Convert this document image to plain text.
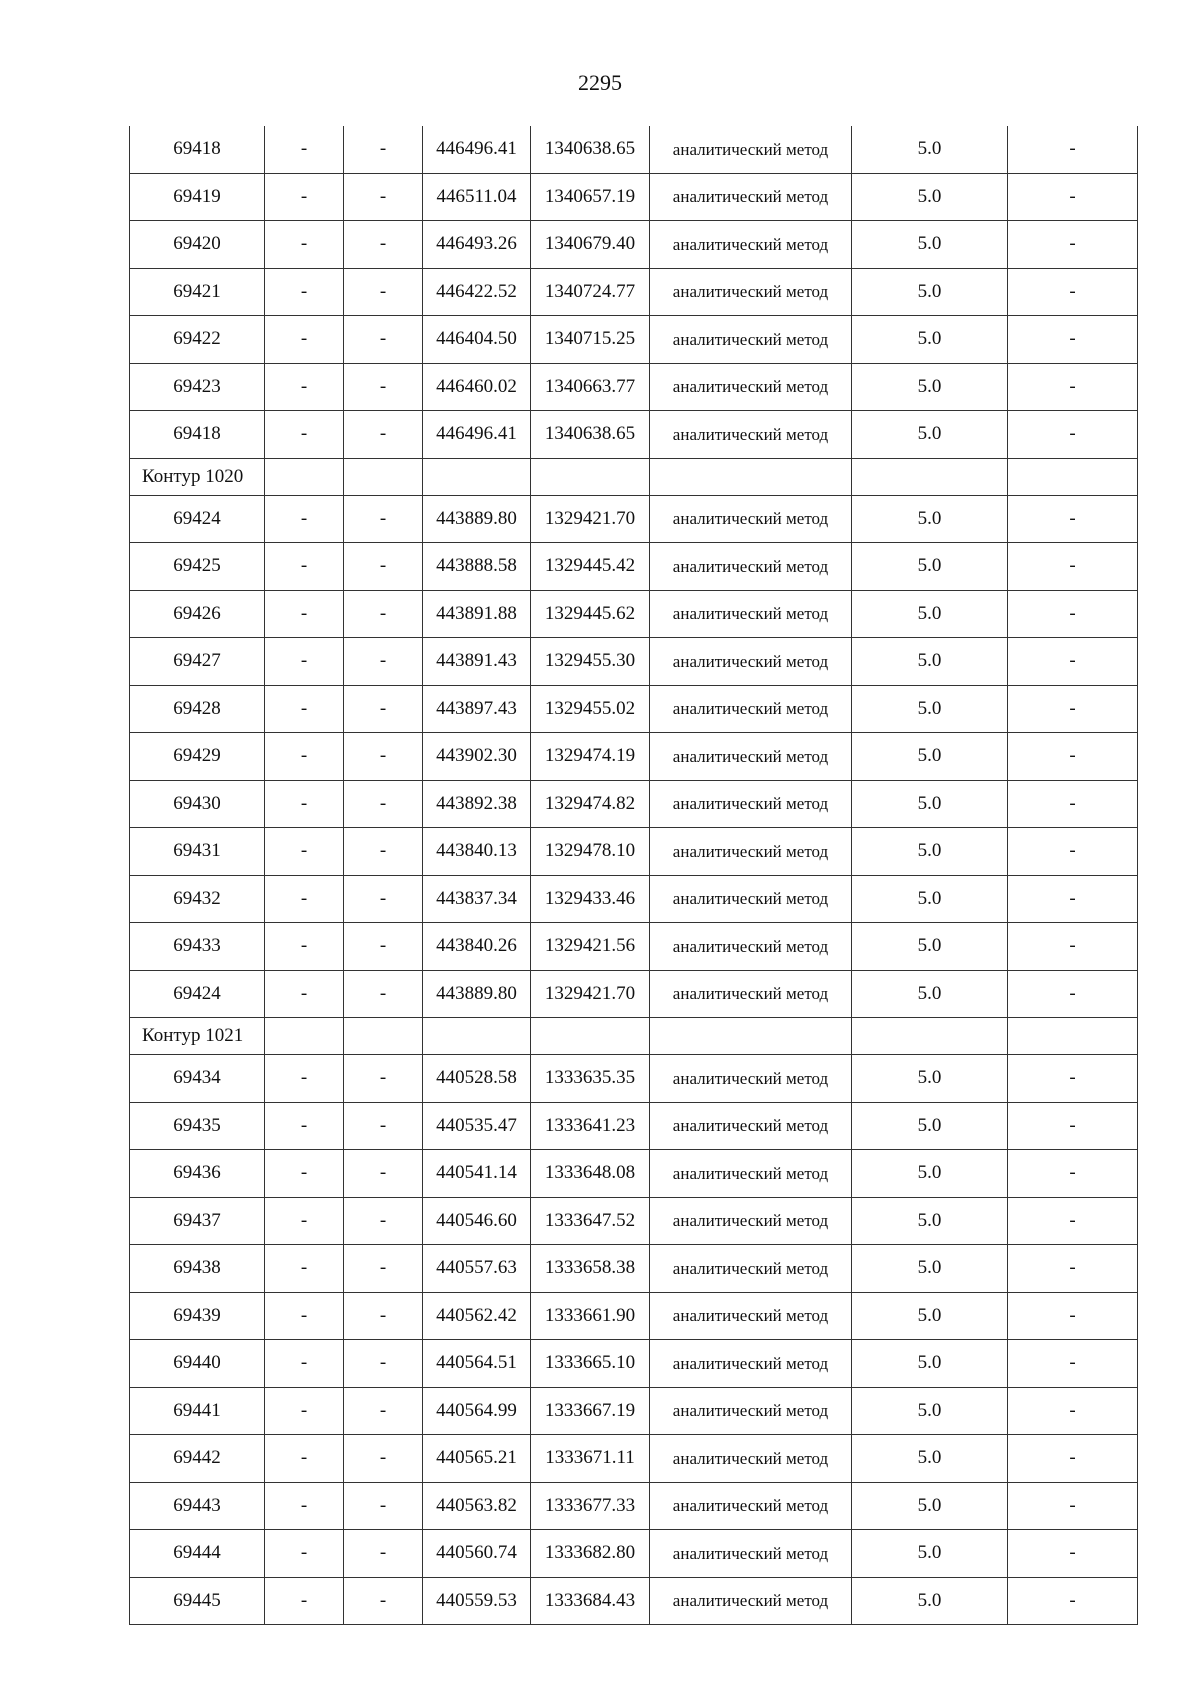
2295
69418	-	-	446496.41	1340638.65	аналитический метод	5.0	-
69419	-	-	446511.04	1340657.19	аналитический метод	5.0	-
69420	-	-	446493.26	1340679.40	аналитический метод	5.0	-
69421	-	-	446422.52	1340724.77	аналитический метод	5.0	-
69422	-	-	446404.50	1340715.25	аналитический метод	5.0	-
69423	-	-	446460.02	1340663.77	аналитический метод	5.0	-
69418	-	-	446496.41	1340638.65	аналитический метод	5.0	-
Контур 1020							
69424	-	-	443889.80	1329421.70	аналитический метод	5.0	-
69425	-	-	443888.58	1329445.42	аналитический метод	5.0	-
69426	-	-	443891.88	1329445.62	аналитический метод	5.0	-
69427	-	-	443891.43	1329455.30	аналитический метод	5.0	-
69428	-	-	443897.43	1329455.02	аналитический метод	5.0	-
69429	-	-	443902.30	1329474.19	аналитический метод	5.0	-
69430	-	-	443892.38	1329474.82	аналитический метод	5.0	-
69431	-	-	443840.13	1329478.10	аналитический метод	5.0	-
69432	-	-	443837.34	1329433.46	аналитический метод	5.0	-
69433	-	-	443840.26	1329421.56	аналитический метод	5.0	-
69424	-	-	443889.80	1329421.70	аналитический метод	5.0	-
Контур 1021							
69434	-	-	440528.58	1333635.35	аналитический метод	5.0	-
69435	-	-	440535.47	1333641.23	аналитический метод	5.0	-
69436	-	-	440541.14	1333648.08	аналитический метод	5.0	-
69437	-	-	440546.60	1333647.52	аналитический метод	5.0	-
69438	-	-	440557.63	1333658.38	аналитический метод	5.0	-
69439	-	-	440562.42	1333661.90	аналитический метод	5.0	-
69440	-	-	440564.51	1333665.10	аналитический метод	5.0	-
69441	-	-	440564.99	1333667.19	аналитический метод	5.0	-
69442	-	-	440565.21	1333671.11	аналитический метод	5.0	-
69443	-	-	440563.82	1333677.33	аналитический метод	5.0	-
69444	-	-	440560.74	1333682.80	аналитический метод	5.0	-
69445	-	-	440559.53	1333684.43	аналитический метод	5.0	-
